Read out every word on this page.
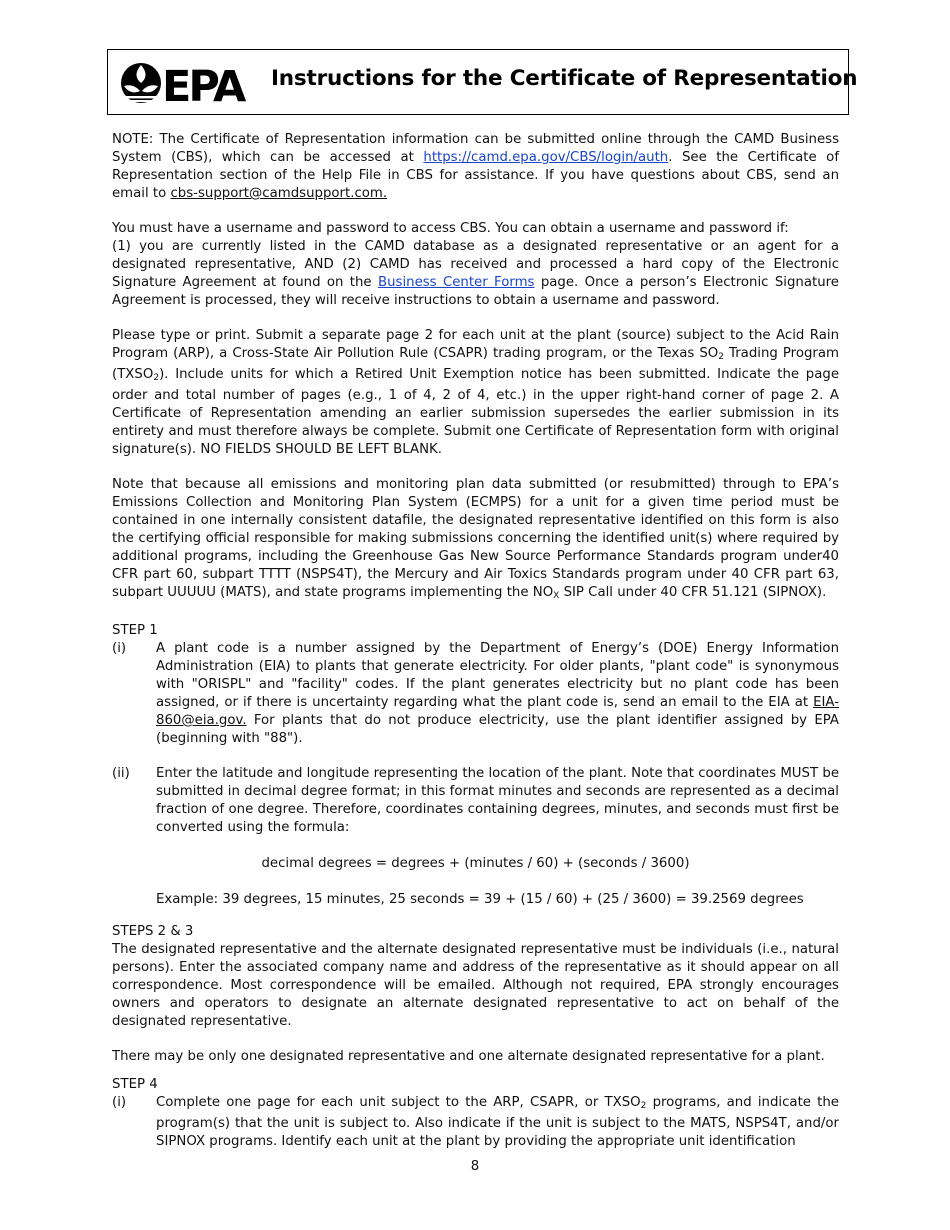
EPA Instructions for the Certificate of Representation

NOTE: The Certificate of Representation information can be submitted online through the CAMD Business System (CBS), which can be accessed at https://camd.epa.gov/CBS/login/auth. See the Certificate of Representation section of the Help File in CBS for assistance. If you have questions about CBS, send an email to cbs-support@camdsupport.com.

You must have a username and password to access CBS. You can obtain a username and password if:

(1) you are currently listed in the CAMD database as a designated representative or an agent for a designated representative, AND (2) CAMD has received and processed a hard copy of the Electronic Signature Agreement at found on the Business Center Forms page. Once a person’s Electronic Signature Agreement is processed, they will receive instructions to obtain a username and password.

Please type or print. Submit a separate page 2 for each unit at the plant (source) subject to the Acid Rain Program (ARP), a Cross-State Air Pollution Rule (CSAPR) trading program, or the Texas $SO_2$ Trading Program $(TXSO_2)$. Include units for which a Retired Unit Exemption notice has been submitted. Indicate the page order and total number of pages (e.g., 1 of 4, 2 of 4, etc.) in the upper right-hand corner of page 2. A Certificate of Representation amending an earlier submission supersedes the earlier submission in its entirety and must therefore always be complete. Submit one Certificate of Representation form with original signature(s). NO FIELDS SHOULD BE LEFT BLANK.

Note that because all emissions and monitoring plan data submitted (or resubmitted) through to EPA’s Emissions Collection and Monitoring Plan System (ECMPS) for a unit for a given time period must be contained in one internally consistent datafile, the designated representative identified on this form is also the certifying official responsible for making submissions concerning the identified unit(s) where required by additional programs, including the Greenhouse Gas New Source Performance Standards program under40 CFR part 60, subpart TTTT (NSPS4T), the Mercury and Air Toxics Standards program under 40 CFR part 63, subpart UUUUU (MATS), and state programs implementing the $NO_X$ SIP Call under 40 CFR 51.121 (SIPNOX).

STEP 1

(i)	A plant code is a number assigned by the Department of Energy’s (DOE) Energy Information Administration (EIA) to plants that generate electricity. For older plants, "plant code" is synonymous with "ORISPL" and "facility" codes. If the plant generates electricity but no plant code has been assigned, or if there is uncertainty regarding what the plant code is, send an email to the EIA at EIA-860@eia.gov. For plants that do not produce electricity, use the plant identifier assigned by EPA (beginning with "88").
(ii)	Enter the latitude and longitude representing the location of the plant. Note that coordinates MUST be submitted in decimal degree format; in this format minutes and seconds are represented as a decimal fraction of one degree. Therefore, coordinates containing degrees, minutes, and seconds must first be converted using the formula:

decimal degrees = degrees + (minutes / 60) + (seconds / 3600)

Example: 39 degrees, 15 minutes, 25 seconds = 39 + (15 / 60) + (25 / 3600) = 39.2569 degrees

STEPS 2 & 3

The designated representative and the alternate designated representative must be individuals (i.e., natural persons). Enter the associated company name and address of the representative as it should appear on all correspondence. Most correspondence will be emailed. Although not required, EPA strongly encourages owners and operators to designate an alternate designated representative to act on behalf of the designated representative.

There may be only one designated representative and one alternate designated representative for a plant.

STEP 4

(i)	Complete one page for each unit subject to the ARP, CSAPR, or $TXSO_2$ programs, and indicate the program(s) that the unit is subject to. Also indicate if the unit is subject to the MATS, NSPS4T, and/or SIPNOX programs. Identify each unit at the plant by providing the appropriate unit identification
8
